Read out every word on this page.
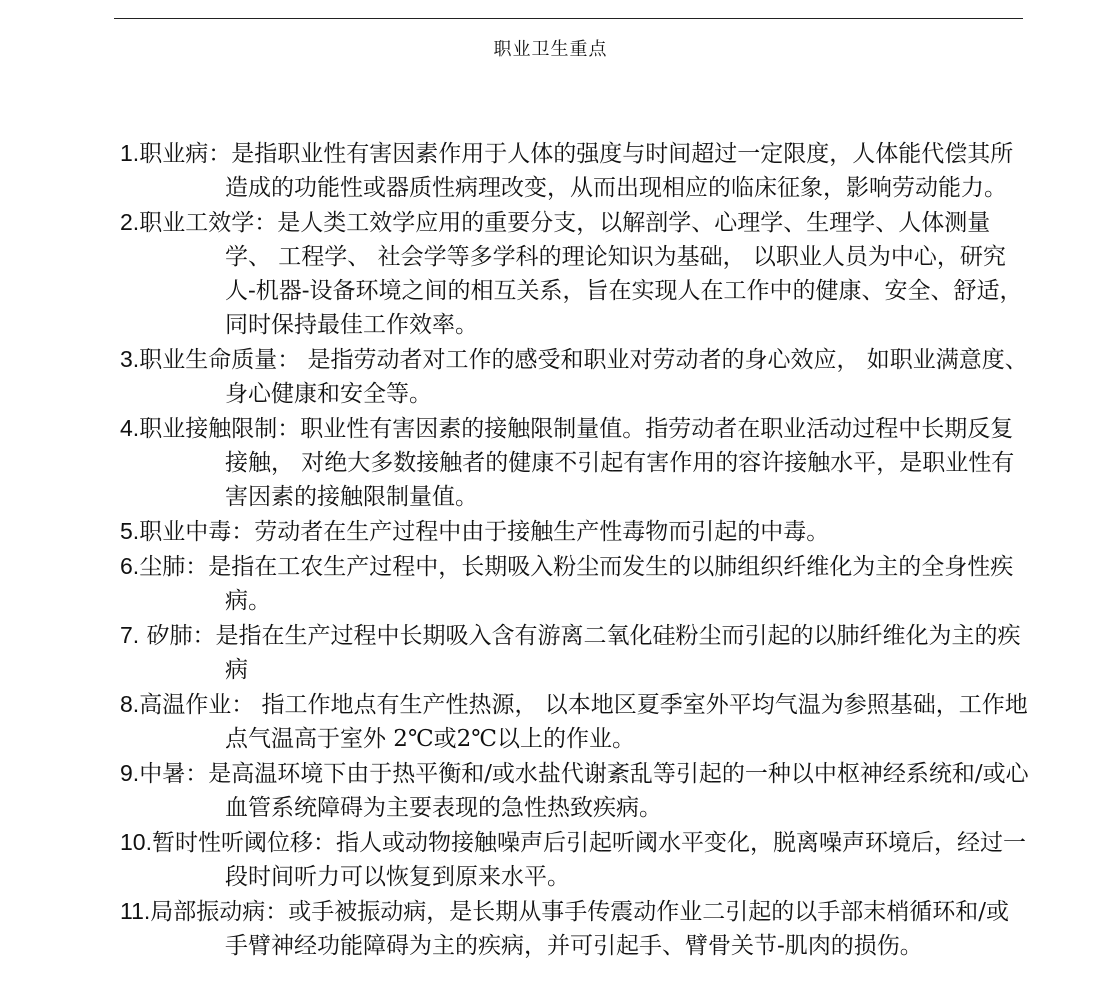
职业卫生重点
1.职业病：是指职业性有害因素作用于人体的强度与时间超过一定限度，人体能代偿其所造成的功能性或器质性病理改变，从而出现相应的临床征象，影响劳动能力。
2.职业工效学：是人类工效学应用的重要分支，以解剖学、心理学、生理学、人体测量学、 工程学、 社会学等多学科的理论知识为基础， 以职业人员为中心，研究人-机器-设备环境之间的相互关系，旨在实现人在工作中的健康、安全、舒适，同时保持最佳工作效率。
3.职业生命质量： 是指劳动者对工作的感受和职业对劳动者的身心效应， 如职业满意度、身心健康和安全等。
4.职业接触限制：职业性有害因素的接触限制量值。指劳动者在职业活动过程中长期反复接触， 对绝大多数接触者的健康不引起有害作用的容许接触水平，是职业性有害因素的接触限制量值。
5.职业中毒：劳动者在生产过程中由于接触生产性毒物而引起的中毒。
6.尘肺：是指在工农生产过程中，长期吸入粉尘而发生的以肺组织纤维化为主的全身性疾病。
7. 矽肺：是指在生产过程中长期吸入含有游离二氧化硅粉尘而引起的以肺纤维化为主的疾病
8.高温作业： 指工作地点有生产性热源， 以本地区夏季室外平均气温为参照基础，工作地点气温高于室外 2℃或2℃以上的作业。
9.中暑：是高温环境下由于热平衡和/或水盐代谢紊乱等引起的一种以中枢神经系统和/或心血管系统障碍为主要表现的急性热致疾病。
10.暂时性听阈位移：指人或动物接触噪声后引起听阈水平变化，脱离噪声环境后，经过一段时间听力可以恢复到原来水平。
11.局部振动病：或手被振动病，是长期从事手传震动作业二引起的以手部末梢循环和/或手臂神经功能障碍为主的疾病，并可引起手、臂骨关节-肌肉的损伤。
